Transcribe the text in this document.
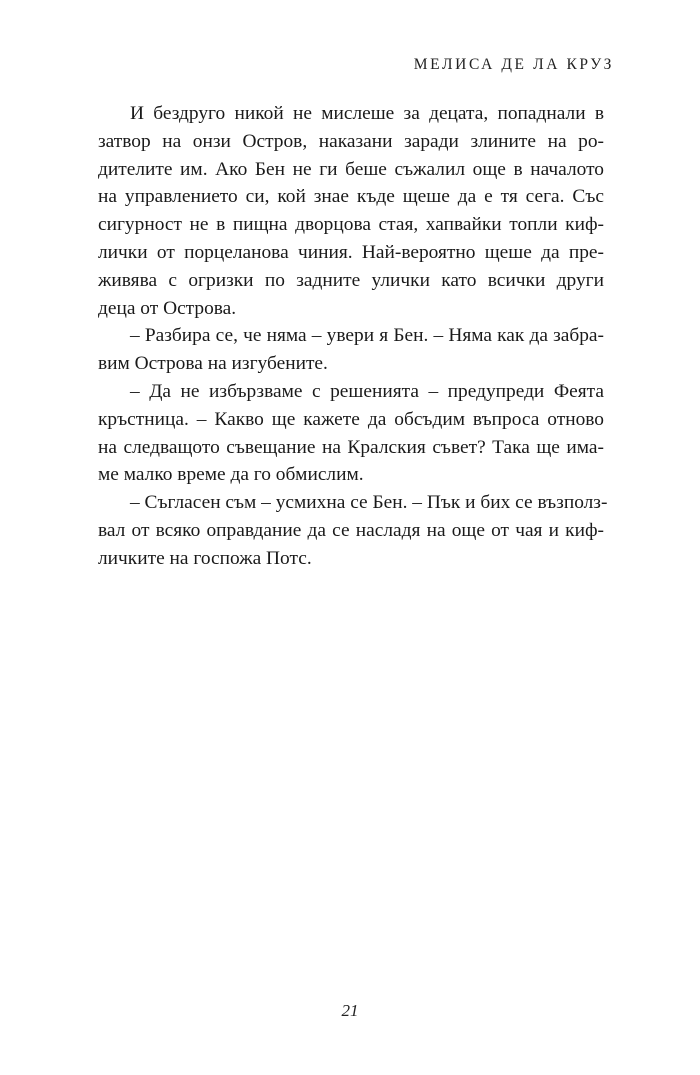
МЕЛИСА ДЕ ЛА КРУЗ
И бездруго никой не мислеше за децата, попаднали в
затвор на онзи Остров, наказани заради злините на ро-
дителите им. Ако Бен не ги беше съжалил още в началото
на управлението си, кой знае къде щеше да е тя сега. Със
сигурност не в пищна дворцова стая, хапвайки топли киф-
лички от порцеланова чиния. Най-вероятно щеше да пре-
живява с огризки по задните улички като всички други
деца от Острова.
– Разбира се, че няма – увери я Бен. – Няма как да забра-
вим Острова на изгубените.
– Да не избързваме с решенията – предупреди Феята
кръстница. – Какво ще кажете да обсъдим въпроса отново
на следващото съвещание на Кралския съвет? Така ще има-
ме малко време да го обмислим.
– Съгласен съм – усмихна се Бен. – Пък и бих се възполз-
вал от всяко оправдание да се насладя на още от чая и киф-
личките на госпожа Потс.
21
